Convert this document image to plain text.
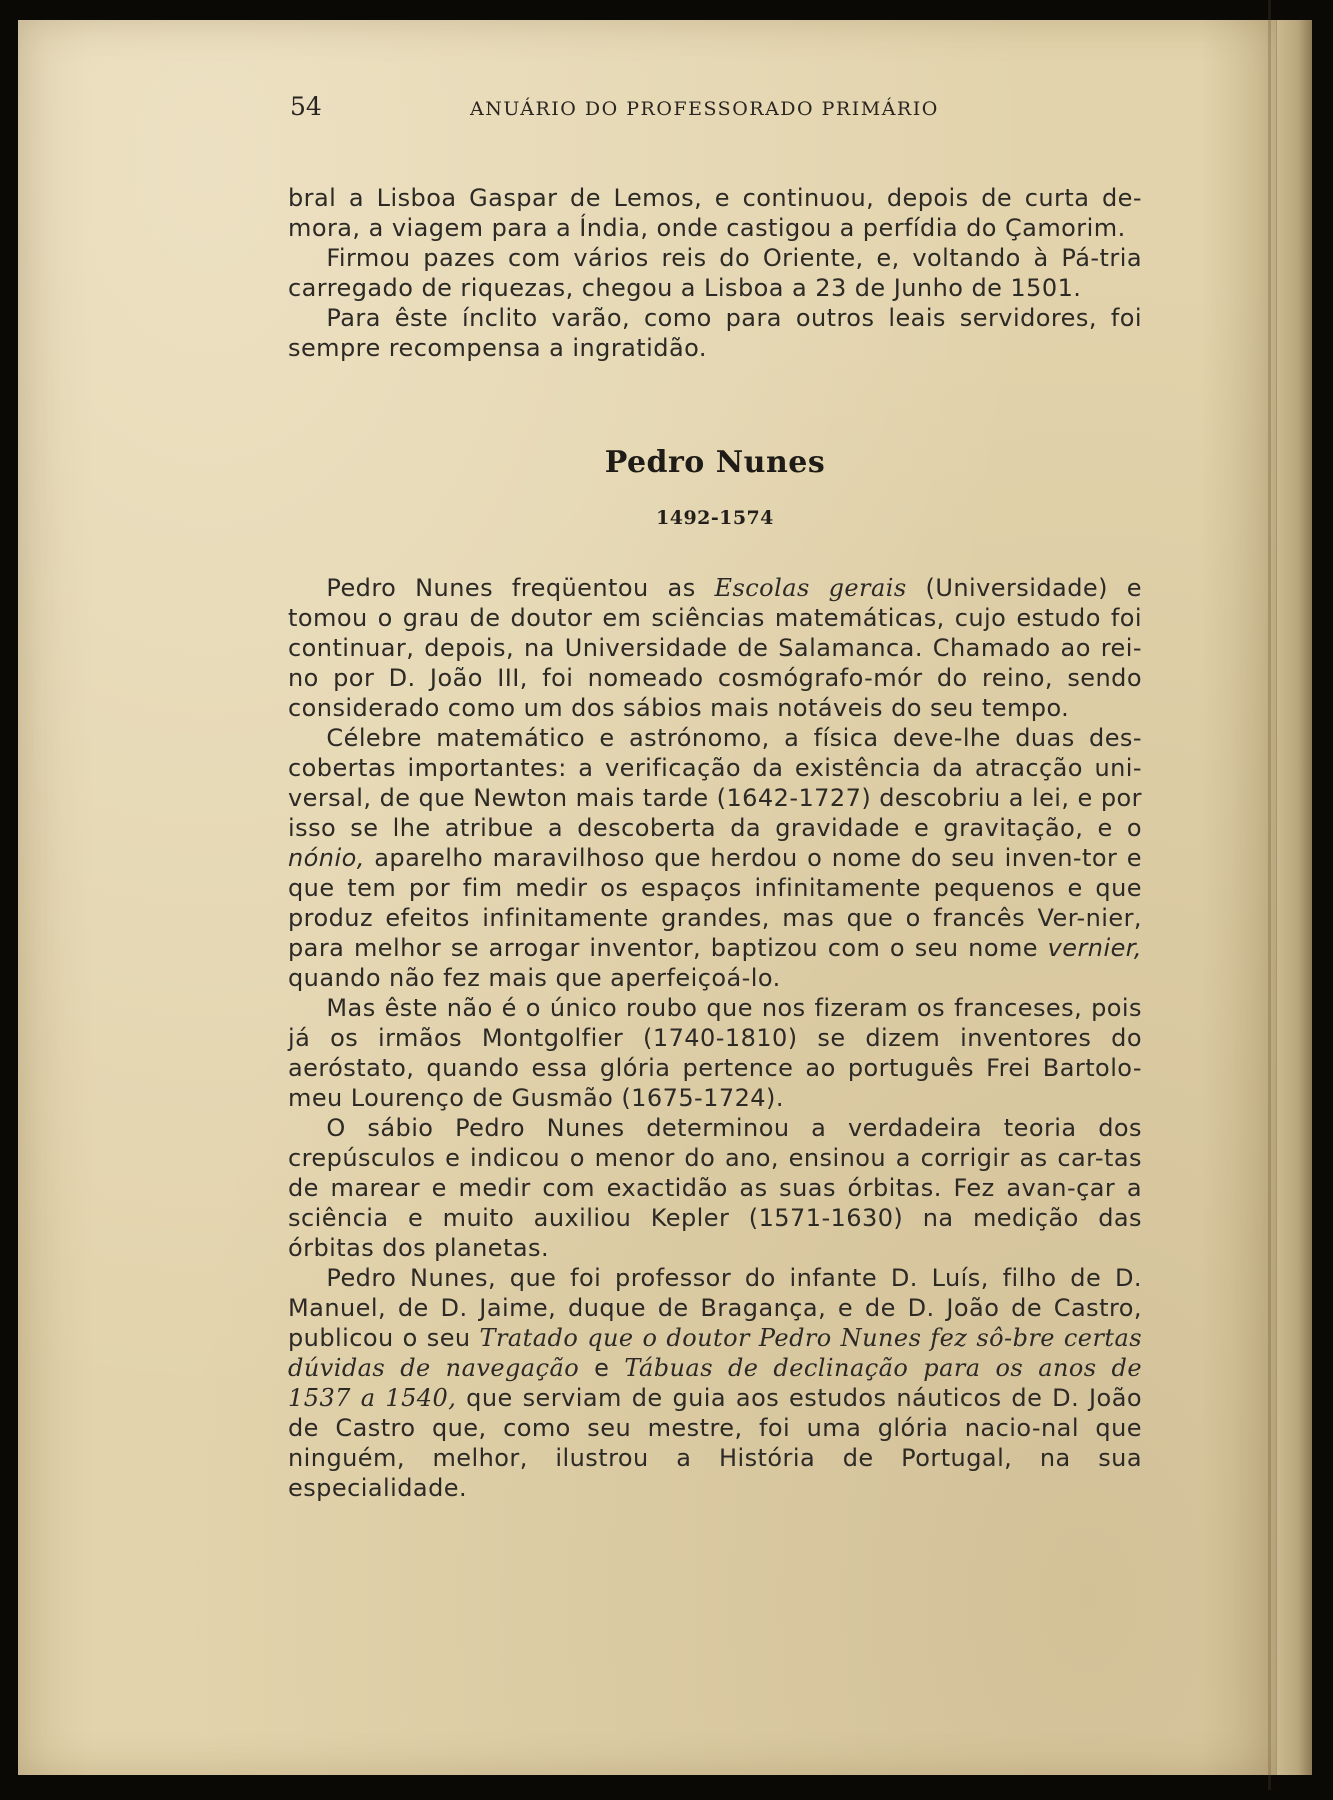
54	ANUÁRIO DO PROFESSORADO PRIMÁRIO

bral a Lisboa Gaspar de Lemos, e continuou, depois de curta de-mora, a viagem para a Índia, onde castigou a perfídia do Çamorim.

Firmou pazes com vários reis do Oriente, e, voltando à Pá-tria carregado de riquezas, chegou a Lisboa a 23 de Junho de 1501.

Para êste ínclito varão, como para outros leais servidores, foi sempre recompensa a ingratidão.

Pedro Nunes
1492-1574

Pedro Nunes freqüentou as Escolas gerais (Universidade) e tomou o grau de doutor em sciências matemáticas, cujo estudo foi continuar, depois, na Universidade de Salamanca. Chamado ao rei-no por D. João III, foi nomeado cosmógrafo-mór do reino, sendo considerado como um dos sábios mais notáveis do seu tempo.

Célebre matemático e astrónomo, a física deve-lhe duas des-cobertas importantes: a verificação da existência da atracção uni-versal, de que Newton mais tarde (1642-1727) descobriu a lei, e por isso se lhe atribue a descoberta da gravidade e gravitação, e o nónio, aparelho maravilhoso que herdou o nome do seu inven-tor e que tem por fim medir os espaços infinitamente pequenos e que produz efeitos infinitamente grandes, mas que o francês Ver-nier, para melhor se arrogar inventor, baptizou com o seu nome vernier, quando não fez mais que aperfeiçoá-lo.

Mas êste não é o único roubo que nos fizeram os franceses, pois já os irmãos Montgolfier (1740-1810) se dizem inventores do aeróstato, quando essa glória pertence ao português Frei Bartolo-meu Lourenço de Gusmão (1675-1724).

O sábio Pedro Nunes determinou a verdadeira teoria dos crepúsculos e indicou o menor do ano, ensinou a corrigir as car-tas de marear e medir com exactidão as suas órbitas. Fez avan-çar a sciência e muito auxiliou Kepler (1571-1630) na medição das órbitas dos planetas.

Pedro Nunes, que foi professor do infante D. Luís, filho de D. Manuel, de D. Jaime, duque de Bragança, e de D. João de Castro, publicou o seu Tratado que o doutor Pedro Nunes fez sô-bre certas dúvidas de navegação e Tábuas de declinação para os anos de 1537 a 1540, que serviam de guia aos estudos náuticos de D. João de Castro que, como seu mestre, foi uma glória nacio-nal que ninguém, melhor, ilustrou a História de Portugal, na sua especialidade.
